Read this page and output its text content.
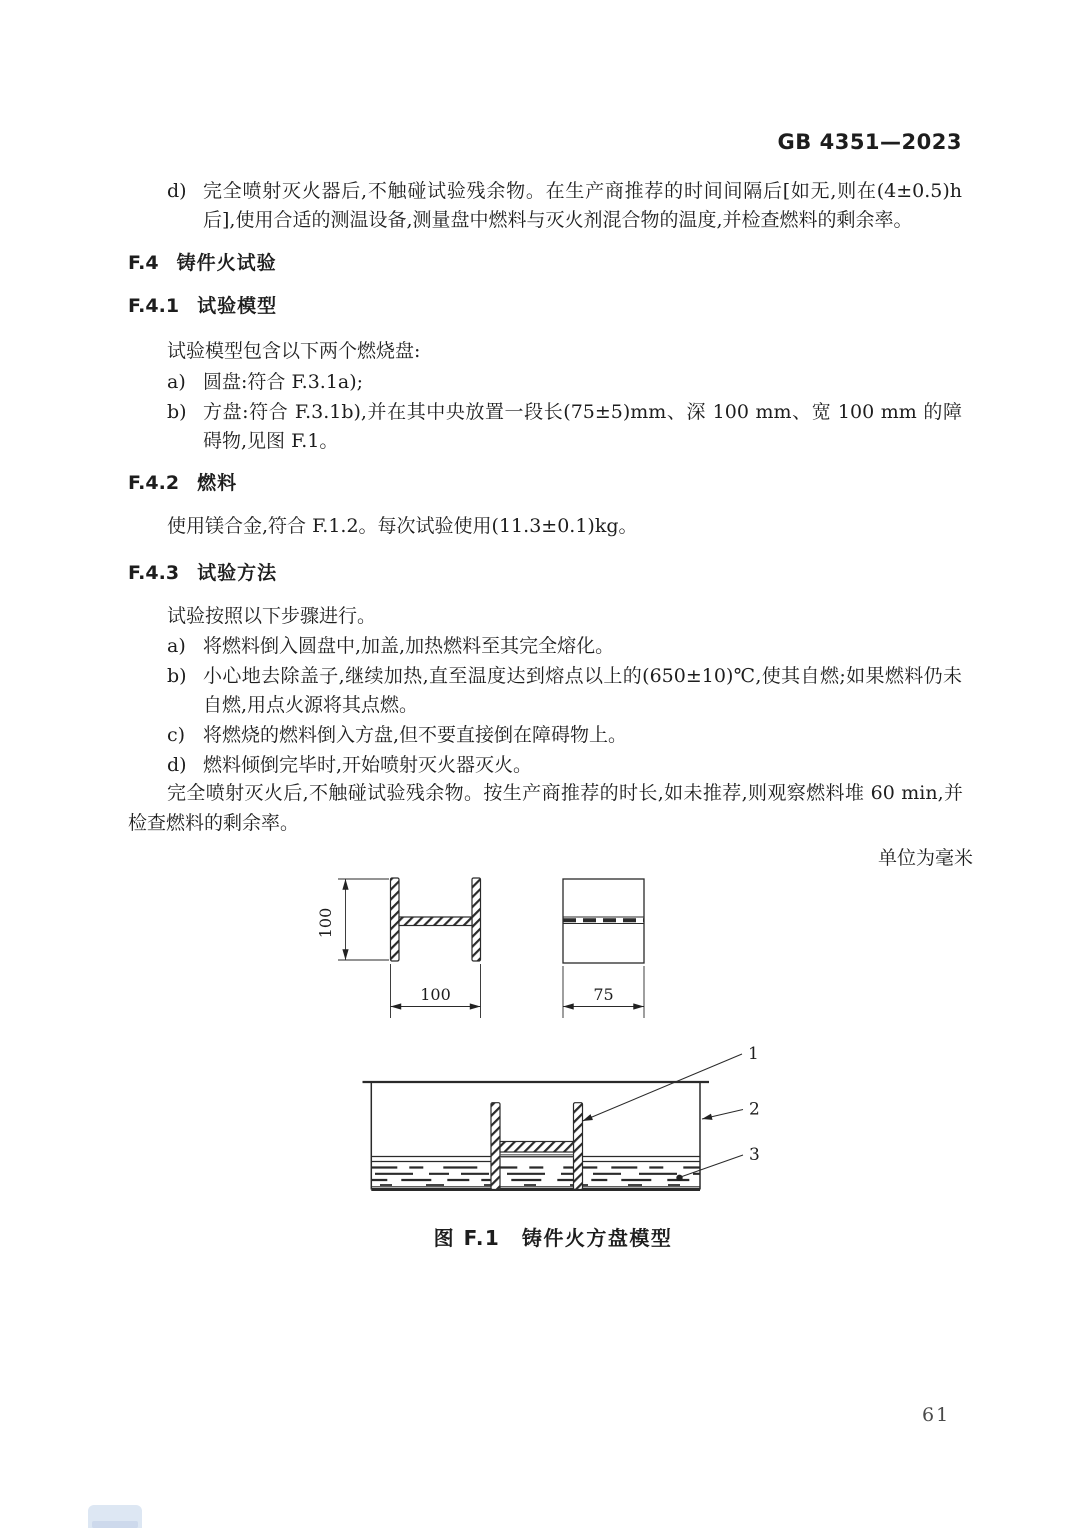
GB 4351—2023
d) 完全喷射灭火器后,不触碰试验残余物。在生产商推荐的时间间隔后[如无,则在(4±0.5)h 后],使用合适的测温设备,测量盘中燃料与灭火剂混合物的温度,并检查燃料的剩余率。
F.4 铸件火试验
F.4.1 试验模型
试验模型包含以下两个燃烧盘:
a) 圆盘:符合 F.3.1a);
b) 方盘:符合 F.3.1b),并在其中央放置一段长(75±5)mm、深 100 mm、宽 100 mm 的障碍物,见图 F.1。
F.4.2 燃料
使用镁合金,符合 F.1.2。每次试验使用(11.3±0.1)kg。
F.4.3 试验方法
试验按照以下步骤进行。
a) 将燃料倒入圆盘中,加盖,加热燃料至其完全熔化。
b) 小心地去除盖子,继续加热,直至温度达到熔点以上的(650±10)℃,使其自燃;如果燃料仍未自燃,用点火源将其点燃。
c) 将燃烧的燃料倒入方盘,但不要直接倒在障碍物上。
d) 燃料倾倒完毕时,开始喷射灭火器灭火。
完全喷射灭火后,不触碰试验残余物。按生产商推荐的时长,如未推荐,则观察燃料堆 60 min,并检查燃料的剩余率。
单位为毫米
100
100	75
1
2
3
图 F.1　铸件火方盘模型
61
